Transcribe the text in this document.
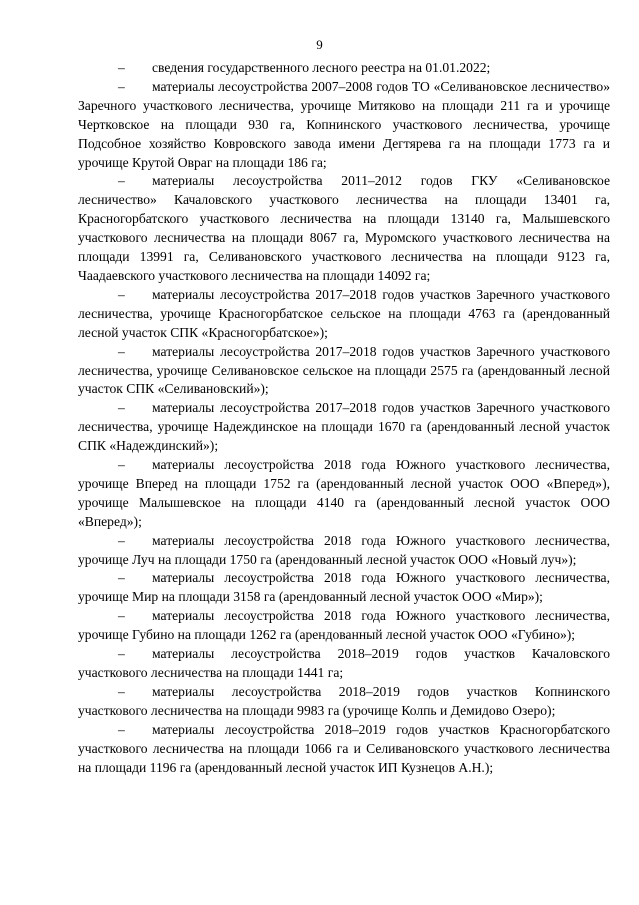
9

– сведения государственного лесного реестра на 01.01.2022;

– материалы лесоустройства 2007–2008 годов ТО «Селивановское лесничество» Заречного участкового лесничества, урочище Митяково на площади 211 га и урочище Чертковское на площади 930 га, Копнинского участкового лесничества, урочище Подсобное хозяйство Ковровского завода имени Дегтярева га на площади 1773 га и урочище Крутой Овраг на площади 186 га;

– материалы лесоустройства 2011–2012 годов ГКУ «Селивановское лесничество» Качаловского участкового лесничества на площади 13401 га, Красногорбатского участкового лесничества на площади 13140 га, Малышевского участкового лесничества на площади 8067 га, Муромского участкового лесничества на площади 13991 га, Селивановского участкового лесничества на площади 9123 га, Чаадаевского участкового лесничества на площади 14092 га;

– материалы лесоустройства 2017–2018 годов участков Заречного участкового лесничества, урочище Красногорбатское сельское на площади 4763 га (арендованный лесной участок СПК «Красногорбатское»);

– материалы лесоустройства 2017–2018 годов участков Заречного участкового лесничества, урочище Селивановское сельское на площади 2575 га (арендованный лесной участок СПК «Селивановский»);

– материалы лесоустройства 2017–2018 годов участков Заречного участкового лесничества, урочище Надеждинское на площади 1670 га (арендованный лесной участок СПК «Надеждинский»);

– материалы лесоустройства 2018 года Южного участкового лесничества, урочище Вперед на площади 1752 га (арендованный лесной участок ООО «Вперед»), урочище Малышевское на площади 4140 га (арендованный лесной участок ООО «Вперед»);

– материалы лесоустройства 2018 года Южного участкового лесничества, урочище Луч на площади 1750 га (арендованный лесной участок ООО «Новый луч»);

– материалы лесоустройства 2018 года Южного участкового лесничества, урочище Мир на площади 3158 га (арендованный лесной участок ООО «Мир»);

– материалы лесоустройства 2018 года Южного участкового лесничества, урочище Губино на площади 1262 га (арендованный лесной участок ООО «Губино»);

– материалы лесоустройства 2018–2019 годов участков Качаловского участкового лесничества на площади 1441 га;

– материалы лесоустройства 2018–2019 годов участков Копнинского участкового лесничества на площади 9983 га (урочище Колпь и Демидово Озеро);

– материалы лесоустройства 2018–2019 годов участков Красногорбатского участкового лесничества на площади 1066 га и Селивановского участкового лесничества на площади 1196 га (арендованный лесной участок ИП Кузнецов А.Н.);
